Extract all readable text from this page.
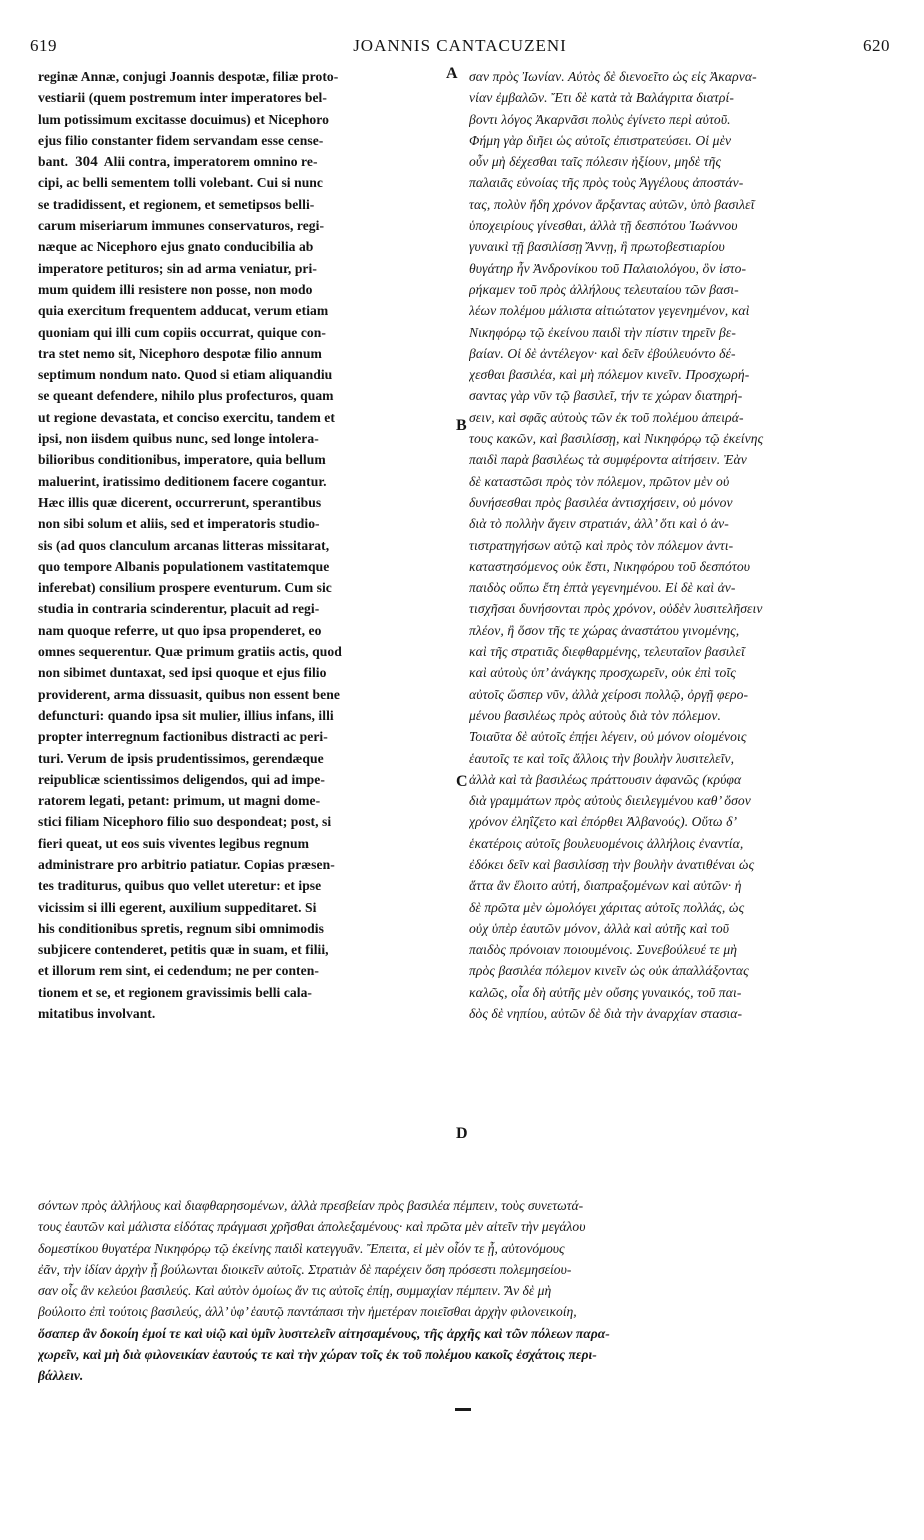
619	JOANNIS CANTACUZENI	620
reginæ Annæ, conjugi Joannis despotæ, filiæ proto-
vestiarii (quem postremum inter imperatores bel-
lum potissimum excitasse docuimus) et Nicephoro
ejus filio constanter fidem servandam esse cense-
bant. 304 Alii contra, imperatorem omnino re-
cipi, ac belli sementem tolli volebant. Cui si nunc
se tradidissent, et regionem, et semetipsos belli-
carum miseriarum immunes conservaturos, regi-
næque ac Nicephoro ejus gnato conducibilia ab
imperatore petituros; sin ad arma veniatur, pri-
mum quidem illi resistere non posse, non modo
quia exercitum frequentem adducat, verum etiam
quoniam qui illi cum copiis occurrat, quique con-
tra stet nemo sit, Nicephoro despotæ filio annum
septimum nondum nato. Quod si etiam aliquandiu
se queant defendere, nihilo plus profecturos, quam
ut regione devastata, et conciso exercitu, tandem et
ipsi, non iisdem quibus nunc, sed longe intolera-
bilioribus conditionibus, imperatore, quia bellum
maluerint, iratissimo deditionem facere cogantur.
Hæc illis quæ dicerent, occurrerunt, sperantibus
non sibi solum et aliis, sed et imperatoris studio-
sis (ad quos clanculum arcanas litteras missitarat,
quo tempore Albanis populationem vastitatemque
inferebat) consilium prospere eventurum. Cum sic
studia in contraria scinderentur, placuit ad regi-
nam quoque referre, ut quo ipsa propenderet, eo
omnes sequerentur. Quæ primum gratiis actis, quod
non sibimet duntaxat, sed ipsi quoque et ejus filio
providerent, arma dissuasit, quibus non essent bene
defuncturi: quando ipsa sit mulier, illius infans, illi
propter interregnum factionibus distracti ac peri-
turi. Verum de ipsis prudentissimos, gerendæque
reipublicæ scientissimos deligendos, qui ad impe-
ratorem legati, petant: primum, ut magni dome-
stici filiam Nicephoro filio suo despondeat; post, si
fieri queat, ut eos suis viventes legibus regnum
administrare pro arbitrio patiatur. Copias præsen-
tes traditurus, quibus quo vellet uteretur: et ipse
vicissim si illi egerent, auxilium suppeditaret. Si
his conditionibus spretis, regnum sibi omnimodis
subjicere contenderet, petitis quæ in suam, et filii,
et illorum rem sint, ei cedendum; ne per conten-
tionem et se, et regionem gravissimis belli cala-
mitatibus involvant.
σαν πρὸς Ἰωνίαν. Αὐτὸς δὲ διενοεῖτο ὡς εἰς Ἀκαρνα-
νίαν ἐμβαλῶν. Ἔτι δὲ κατὰ τὰ Βαλάγριτα διατρί-
βοντι λόγος Ἀκαρνᾶσι πολὺς ἐγίνετο περὶ αὐτοῦ.
Φήμη γὰρ διῆει ὡς αὐτοῖς ἐπιστρατεύσει. Οἱ μὲν
οὖν μὴ δέχεσθαι ταῖς πόλεσιν ἠξίουν, μηδὲ τῆς
παλαιᾶς εὐνοίας τῆς πρὸς τοὺς Ἀγγέλους ἀποστάν-
τας, πολὺν ἤδη χρόνον ἄρξαντας αὐτῶν, ὑπὸ βασιλεῖ
ὑποχειρίους γίνεσθαι, ἀλλὰ τῇ δεσπότου Ἰωάννου
γυναικὶ τῇ βασιλίσσῃ Ἄννῃ, ἣ πρωτοβεστιαρίου
θυγάτηρ ἦν Ἀνδρονίκου τοῦ Παλαιολόγου, ὃν ἱστο-
ρήκαμεν τοῦ πρὸς ἀλλήλους τελευταίου τῶν βασι-
λέων πολέμου μάλιστα αἰτιώτατον γεγενημένον, καὶ
Νικηφόρῳ τῷ ἐκείνου παιδὶ τὴν πίστιν τηρεῖν βε-
βαίαν. Οἱ δὲ ἀντέλεγον· καὶ δεῖν ἐβούλευόντο δέ-
χεσθαι βασιλέα, καὶ μὴ πόλεμον κινεῖν. Προσχωρή-
σαντας γὰρ νῦν τῷ βασιλεῖ, τήν τε χώραν διατηρή-
σειν, καὶ σφᾶς αὐτοὺς τῶν ἐκ τοῦ πολέμου ἀπειρά-
τους κακῶν, καὶ βασιλίσσῃ, καὶ Νικηφόρῳ τῷ ἐκείνης
παιδὶ παρὰ βασιλέως τὰ συμφέροντα αἰτήσειν. Ἐὰν
δὲ καταστῶσι πρὸς τὸν πόλεμον, πρῶτον μὲν οὐ
δυνήσεσθαι πρὸς βασιλέα ἀντισχήσειν, οὐ μόνον
διὰ τὸ πολλὴν ἄγειν στρατιάν, ἀλλ’ ὅτι καὶ ὁ ἀν-
τιστρατηγήσων αὐτῷ καὶ πρὸς τὸν πόλεμον ἀντι-
καταστησόμενος οὐκ ἔστι, Νικηφόρου τοῦ δεσπότου
παιδὸς οὔπω ἔτη ἑπτὰ γεγενημένου. Εἰ δὲ καὶ ἀν-
τισχῆσαι δυνήσονται πρὸς χρόνον, οὐδὲν λυσιτελῆσειν
πλέον, ἢ ὅσον τῆς τε χώρας ἀναστάτου γινομένης,
καὶ τῆς στρατιᾶς διεφθαρμένης, τελευταῖον βασιλεῖ
καὶ αὐτοὺς ὑπ’ ἀνάγκης προσχωρεῖν, οὐκ ἐπὶ τοῖς
αὐτοῖς ὥσπερ νῦν, ἀλλὰ χείροσι πολλῷ, ὀργῇ φερο-
μένου βασιλέως πρὸς αὐτοὺς διὰ τὸν πόλεμον.
Τοιαῦτα δὲ αὐτοῖς ἐπῄει λέγειν, οὐ μόνον οἰομένοις
ἑαυτοῖς τε καὶ τοῖς ἄλλοις τὴν βουλὴν λυσιτελεῖν,
ἀλλὰ καὶ τὰ βασιλέως πράττουσιν ἀφανῶς (κρύφα
διὰ γραμμάτων πρὸς αὐτοὺς διειλεγμένου καθ’ ὅσον
χρόνον ἐληΐζετο καὶ ἐπόρθει Ἀλβανούς). Οὕτω δ’
ἑκατέροις αὐτοῖς βουλευομένοις ἀλλήλοις ἐναντία,
ἐδόκει δεῖν καὶ βασιλίσσῃ τὴν βουλὴν ἀνατιθέναι ὡς
ἅττα ἂν ἕλοιτο αὐτή, διαπραξομένων καὶ αὐτῶν· ἡ
δὲ πρῶτα μὲν ὡμολόγει χάριτας αὐτοῖς πολλάς, ὡς
οὐχ ὑπὲρ ἑαυτῶν μόνον, ἀλλὰ καὶ αὐτῆς καὶ τοῦ
παιδὸς πρόνοιαν ποιουμένοις. Συνεβούλευέ τε μὴ
πρὸς βασιλέα πόλεμον κινεῖν ὡς οὐκ ἀπαλλάξοντας
καλῶς, οἷα δὴ αὐτῆς μὲν οὔσης γυναικός, τοῦ παι-
δὸς δὲ νηπίου, αὐτῶν δὲ διὰ τὴν ἀναρχίαν στασια-
A
B
C
D
σόντων πρὸς ἀλλήλους καὶ διαφθαρησομένων, ἀλλὰ πρεσβείαν πρὸς βασιλέα πέμπειν, τοὺς συνετωτά-
τους ἑαυτῶν καὶ μάλιστα εἰδότας πράγμασι χρῆσθαι ἀπολεξαμένους· καὶ πρῶτα μὲν αἰτεῖν τὴν μεγάλου
δομεστίκου θυγατέρα Νικηφόρῳ τῷ ἐκείνης παιδὶ κατεγγυᾶν. Ἔπειτα, εἰ μὲν οἷόν τε ᾖ, αὐτονόμους
ἐᾶν, τὴν ἰδίαν ἀρχὴν ᾗ βούλωνται διοικεῖν αὐτοῖς. Στρατιὰν δὲ παρέχειν ὅση πρόσεστι πολεμησείου-
σαν οἷς ἂν κελεύοι βασιλεύς. Καὶ αὐτὸν ὁμοίως ἄν τις αὐτοῖς ἐπίῃ, συμμαχίαν πέμπειν. Ἂν δὲ μὴ
βούλοιτο ἐπὶ τούτοις βασιλεύς, ἀλλ’ ὑφ’ ἑαυτῷ παντάπασι τὴν ἡμετέραν ποιεῖσθαι ἀρχὴν φιλονεικοίη,
ὅσαπερ ἂν δοκοίη ἐμοί τε καὶ υἱῷ καὶ ὑμῖν λυσιτελεῖν αἰτησαμένους, τῆς ἀρχῆς καὶ τῶν πόλεων παρα-
χωρεῖν, καὶ μὴ διὰ φιλονεικίαν ἑαυτούς τε καὶ τὴν χώραν τοῖς ἐκ τοῦ πολέμου κακοῖς ἐσχάτοις περι-
βάλλειν.
